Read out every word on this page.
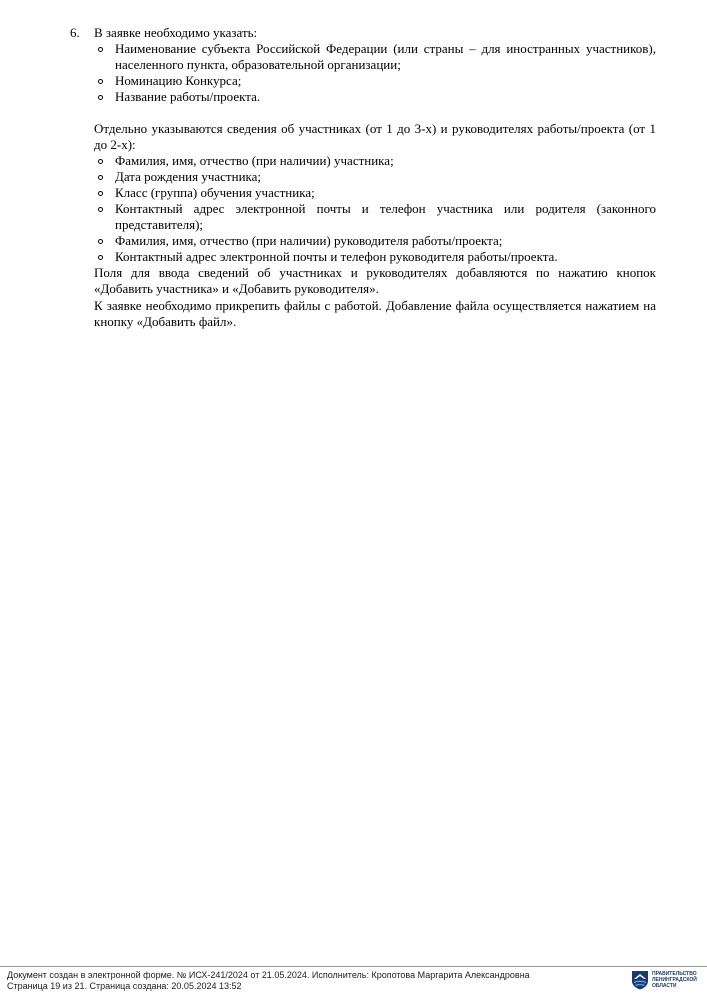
6. В заявке необходимо указать:
Наименование субъекта Российской Федерации (или страны – для иностранных участников), населенного пункта, образовательной организации;
Номинацию Конкурса;
Название работы/проекта.

Отдельно указываются сведения об участниках (от 1 до 3-х) и руководителях работы/проекта (от 1 до 2-х):

Фамилия, имя, отчество (при наличии) участника;
Дата рождения участника;
Класс (группа) обучения участника;
Контактный адрес электронной почты и телефон участника или родителя (законного представителя);
Фамилия, имя, отчество (при наличии) руководителя работы/проекта;
Контактный адрес электронной почты и телефон руководителя работы/проекта.

Поля для ввода сведений об участниках и руководителях добавляются по нажатию кнопок «Добавить участника» и «Добавить руководителя».

К заявке необходимо прикрепить файлы с работой. Добавление файла осуществляется нажатием на кнопку «Добавить файл».

Документ создан в электронной форме. № ИСХ-241/2024 от 21.05.2024. Исполнитель: Кропотова Маргарита Александровна
Страница 19 из 21. Страница создана: 20.05.2024 13:52
ПРАВИТЕЛЬСТВО
ЛЕНИНГРАДСКОЙ
ОБЛАСТИ
